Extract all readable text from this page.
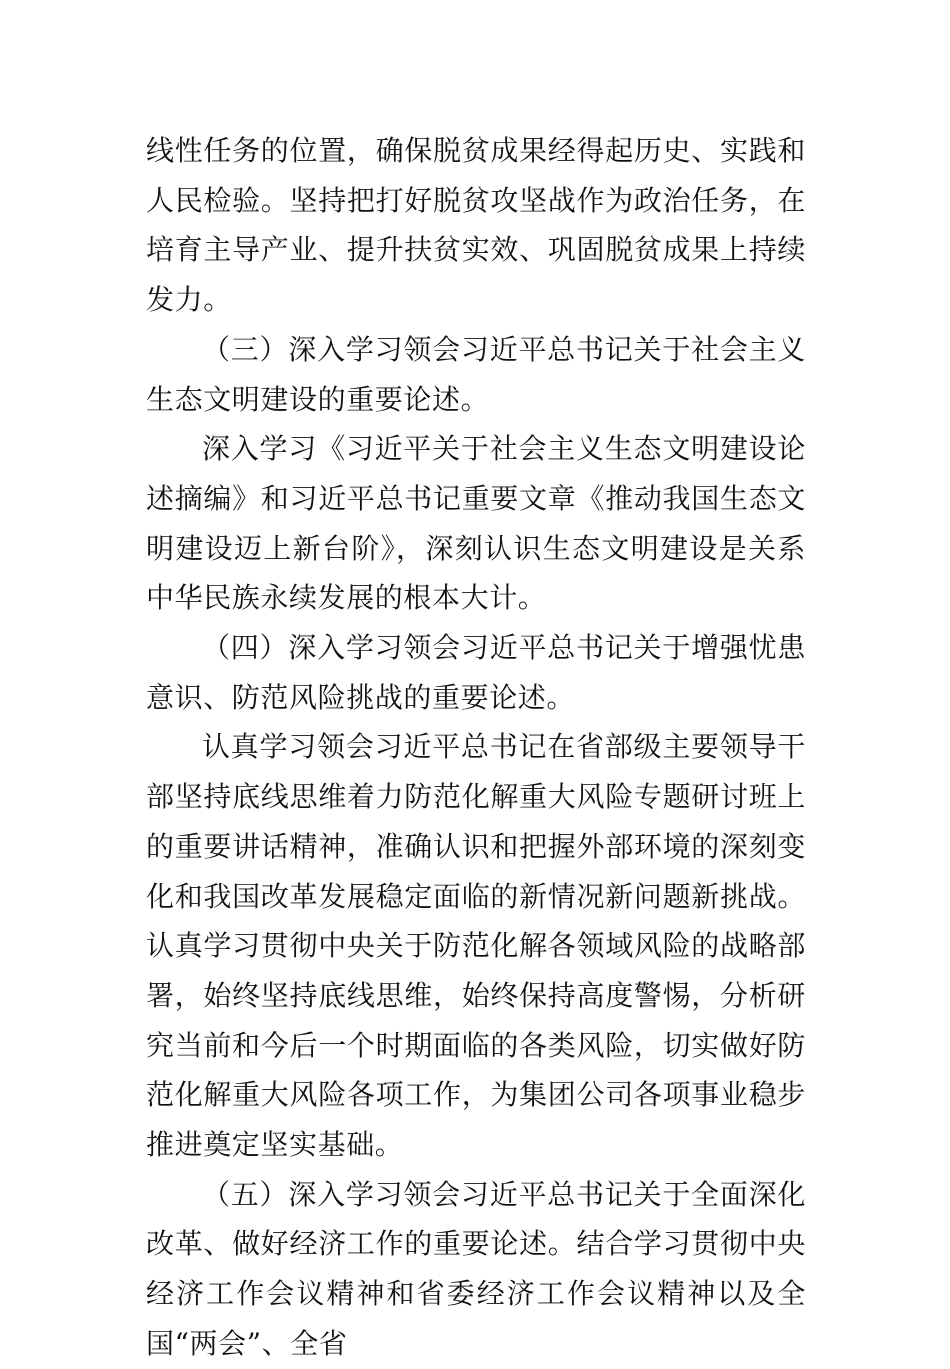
线性任务的位置，确保脱贫成果经得起历史、实践和人民检验。坚持把打好脱贫攻坚战作为政治任务，在培育主导产业、提升扶贫实效、巩固脱贫成果上持续发力。

（三）深入学习领会习近平总书记关于社会主义生态文明建设的重要论述。

深入学习《习近平关于社会主义生态文明建设论述摘编》和习近平总书记重要文章《推动我国生态文明建设迈上新台阶》，深刻认识生态文明建设是关系中华民族永续发展的根本大计。

（四）深入学习领会习近平总书记关于增强忧患意识、防范风险挑战的重要论述。

认真学习领会习近平总书记在省部级主要领导干部坚持底线思维着力防范化解重大风险专题研讨班上的重要讲话精神，准确认识和把握外部环境的深刻变化和我国改革发展稳定面临的新情况新问题新挑战。认真学习贯彻中央关于防范化解各领域风险的战略部署，始终坚持底线思维，始终保持高度警惕，分析研究当前和今后一个时期面临的各类风险，切实做好防范化解重大风险各项工作，为集团公司各项事业稳步推进奠定坚实基础。

（五）深入学习领会习近平总书记关于全面深化改革、做好经济工作的重要论述。结合学习贯彻中央经济工作会议精神和省委经济工作会议精神以及全国“两会”、全省
